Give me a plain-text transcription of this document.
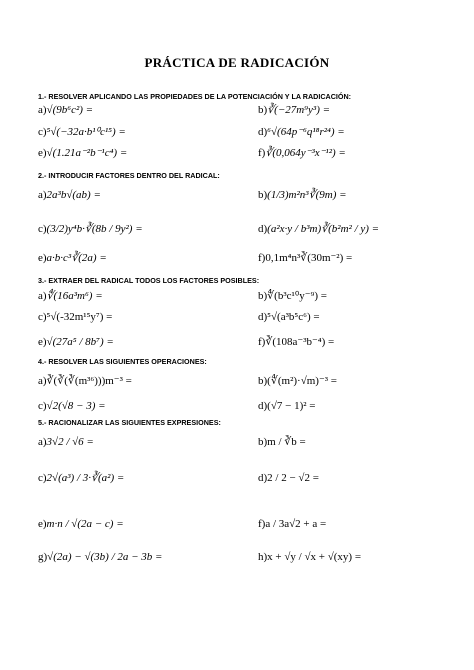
PRÁCTICA DE RADICACIÓN
1.- RESOLVER APLICANDO LAS PROPIEDADES DE LA POTENCIACIÓN Y LA RADICACIÓN:
a)√(9b⁶c²) =	b)∛(−27m⁹y³) =
c)⁵√(−32a·b¹⁰c¹⁵) =	d)⁶√(64p⁻⁶q¹⁸r²⁴) =
e)√(1.21a⁻²b⁻¹c⁴) =	f)∛(0,064y⁻³x⁻¹²) =
2.- INTRODUCIR FACTORES DENTRO DEL RADICAL:
a)2a³b√(ab) =	b)(1/3)m²n³∛(9m) =
c)(3/2)y⁴b·∛(8b / 9y²) =	d)(a²x·y / b³m)∛(b²m² / y) =
e)a·b·c³∛(2a) =	f)0,1m⁴n³∛(30m⁻²) =
3.- EXTRAER DEL RADICAL TODOS LOS FACTORES POSIBLES:
a)∜(16a³m⁶) =	b)∜(b³c¹⁰y⁻⁹) =
c)⁵√(-32m¹⁵y⁷) =	d)⁵√(a³b⁵c⁶) =
e)√(27a⁵ / 8b⁷) =	f)∛(108a⁻³b⁻⁴) =
4.- RESOLVER LAS SIGUIENTES OPERACIONES:
a)∛(∛(∛(m³⁶)))m⁻³ =	b)(∜(m²)·√m)⁻³ =
c)√2(√8 − 3) =	d)(√7 − 1)² =
5.- RACIONALIZAR LAS SIGUIENTES EXPRESIONES:
a)3√2 / √6 =	b)m / ∛b =
c)2√(a³) / 3·∛(a²) =	d)2 / 2 − √2 =
e)m·n / √(2a − c) =	f)a / 3a√2 + a =
g)√(2a) − √(3b) / 2a − 3b =	h)x + √y / √x + √(xy) =
